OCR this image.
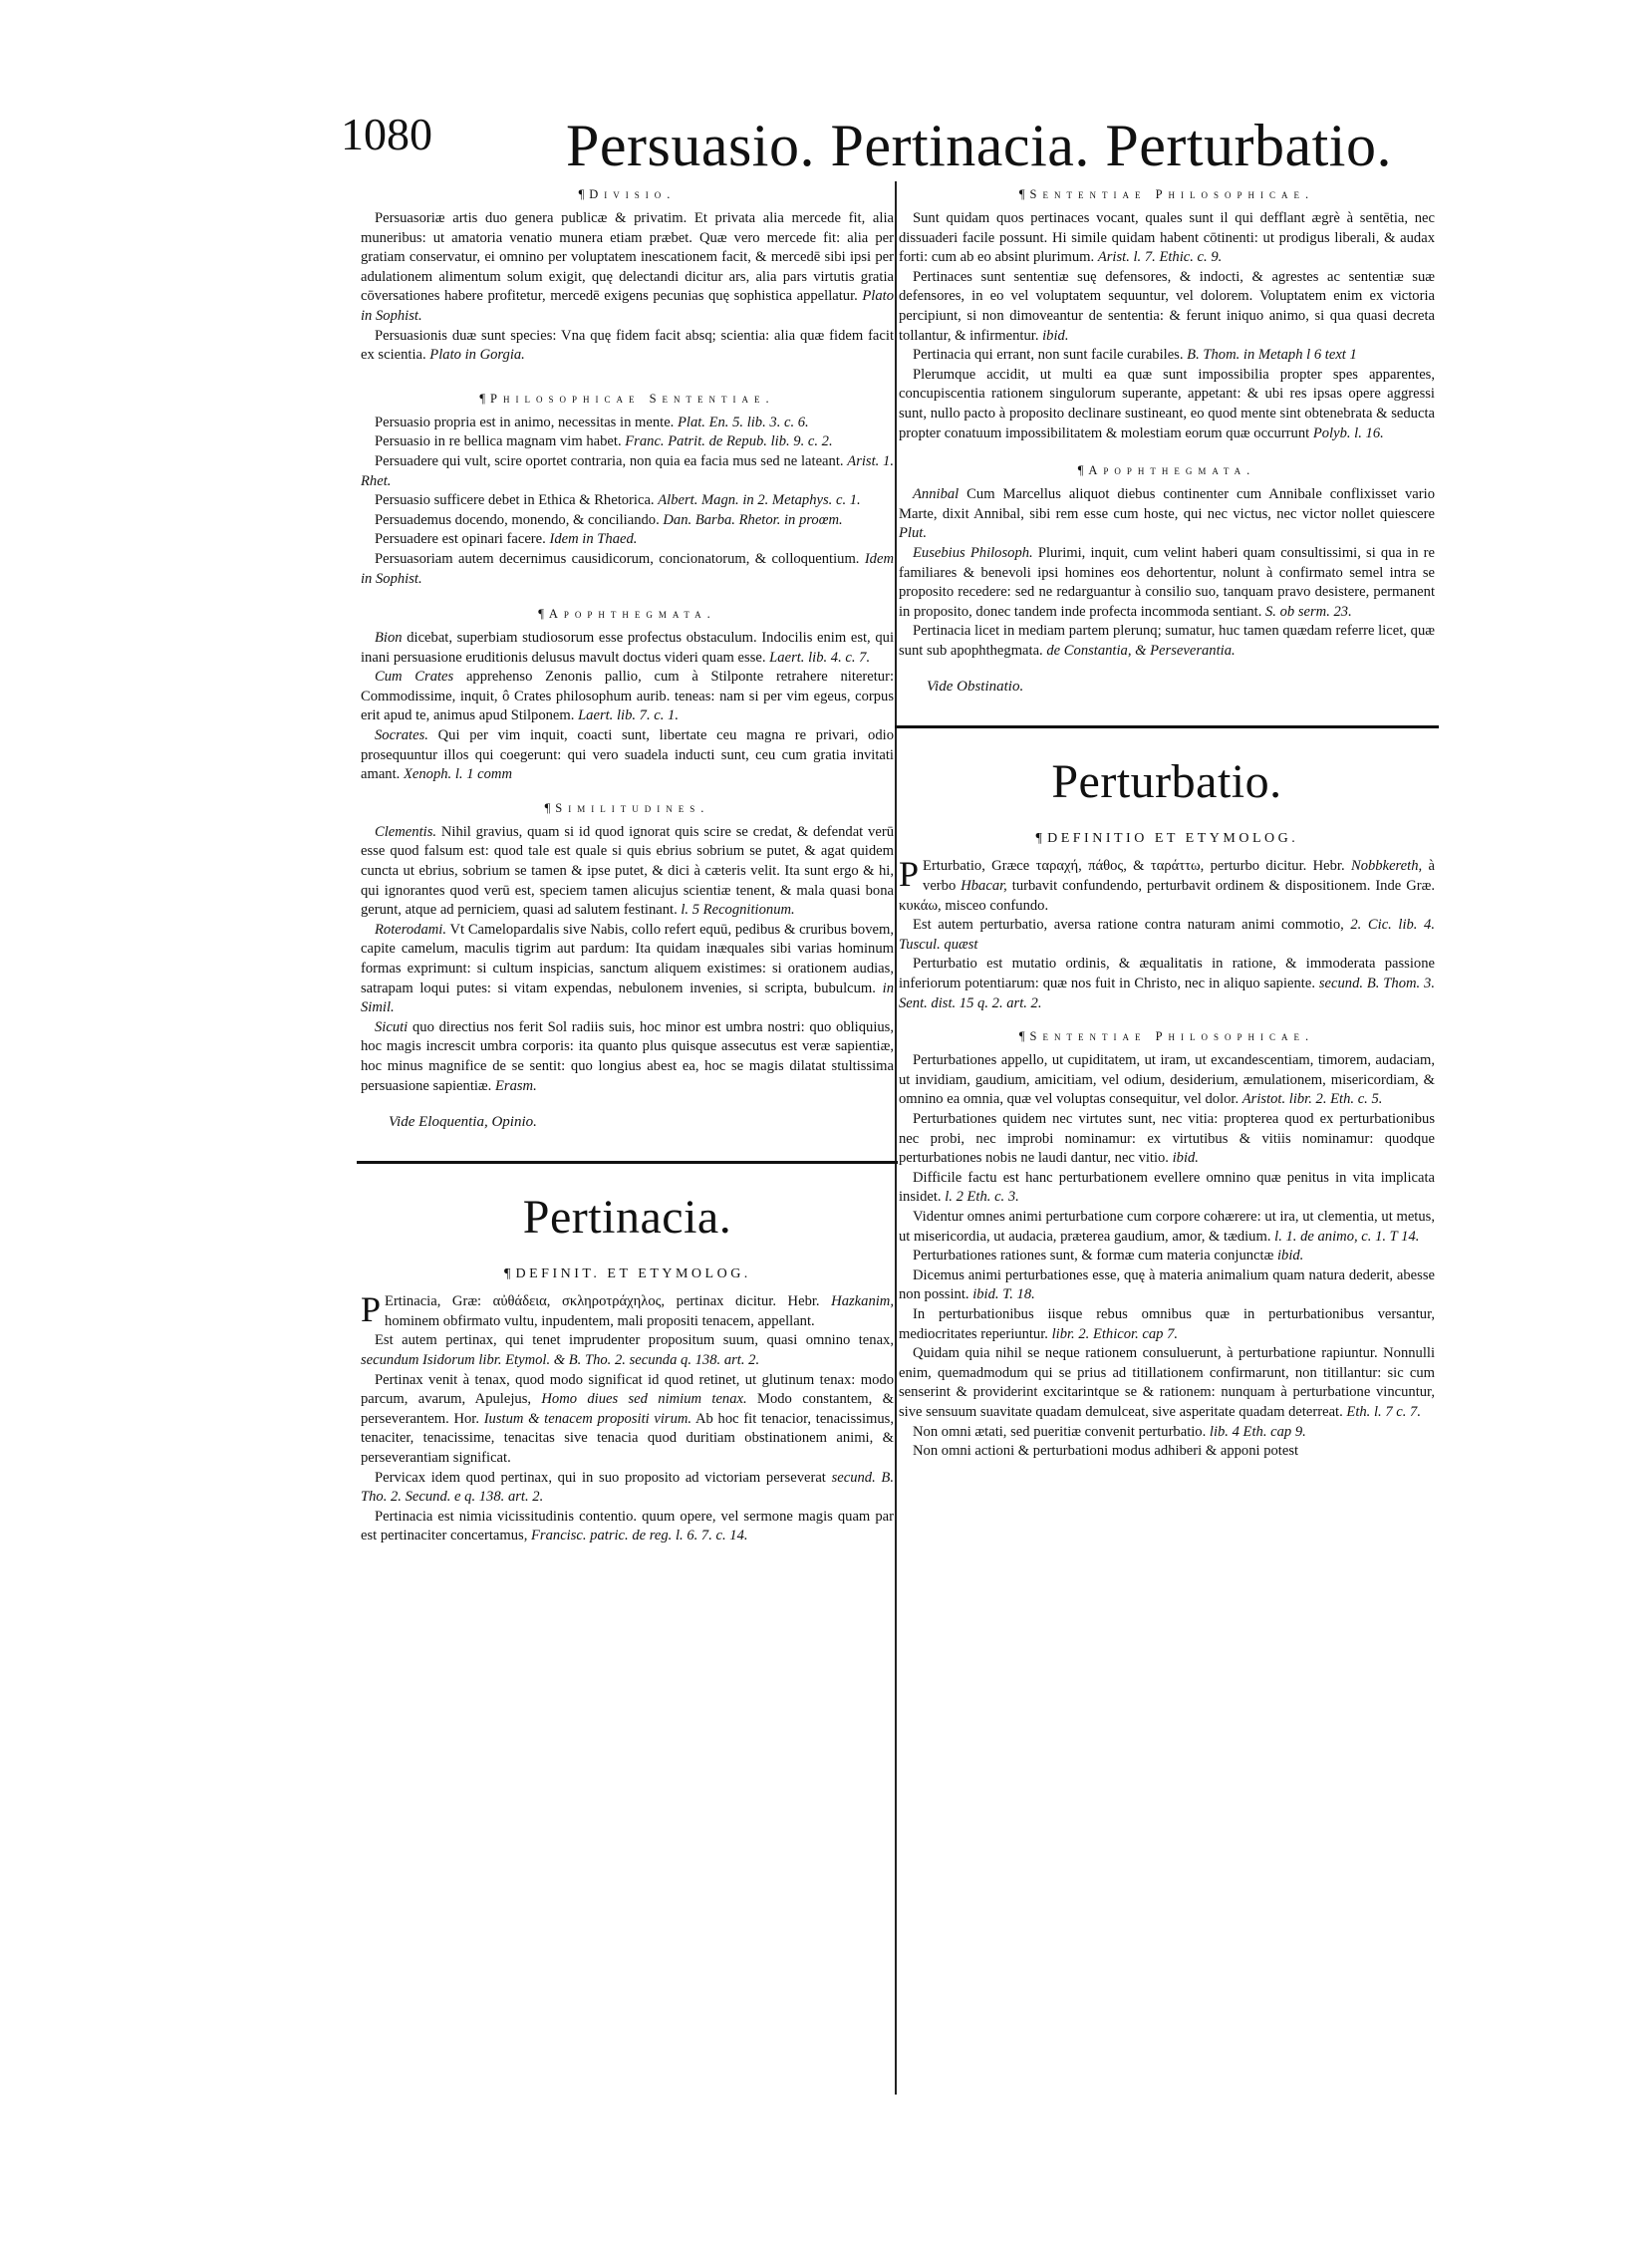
1080 Persuasio. Pertinacia. Perturbatio.
¶ Divisio.

Persuasoriæ artis duo genera publicæ & privatim. Et privata alia mercede fit, alia muneribus: ut amatoria venatio munera etiam præbet. Quæ vero mercede fit: alia per gratiam conservatur, ei omnino per voluptatem inescationem facit, & mercedē sibi ipsi per adulationem alimentum solum exigit, quę delectandi dicitur ars, alia pars virtutis gratia cōversationes habere profitetur, mercedē exigens pecunias quę sophistica appellatur. Plato in Sophist.

Persuasionis duæ sunt species: Vna quę fidem facit absq; scientia: alia quæ fidem facit ex scientia. Plato in Gorgia.

¶ Philosophicae Sententiae.

Persuasio propria est in animo, necessitas in mente. Plat. En. 5. lib. 3. c. 6.

Persuasio in re bellica magnam vim habet. Franc. Patrit. de Repub. lib. 9. c. 2.

Persuadere qui vult, scire oportet contraria, non quia ea facia mus sed ne lateant. Arist. 1. Rhet.

Persuasio sufficere debet in Ethica & Rhetorica. Albert. Magn. in 2. Metaphys. c. 1.

Persuademus docendo, monendo, & conciliando. Dan. Barba. Rhetor. in proœm.

Persuadere est opinari facere. Idem in Thaed.

Persuasoriam autem decernimus causidicorum, concionatorum, & colloquentium. Idem in Sophist.

¶ Apophthegmata.

Bion dicebat, superbiam studiosorum esse profectus obstaculum. Indocilis enim est, qui inani persuasione eruditionis delusus mavult doctus videri quam esse. Laert. lib. 4. c. 7.

Cum Crates apprehenso Zenonis pallio, cum à Stilponte retrahere niteretur: Commodissime, inquit, ô Crates philosophum aurib. teneas: nam si per vim egeus, corpus erit apud te, animus apud Stilponem. Laert. lib. 7. c. 1.

Socrates. Qui per vim inquit, coacti sunt, libertate ceu magna re privari, odio prosequuntur illos qui coegerunt: qui vero suadela inducti sunt, ceu cum gratia invitati amant. Xenoph. l. 1 comm

¶ Similitudines.

Clementis. Nihil gravius, quam si id quod ignorat quis scire se credat, & defendat verū esse quod falsum est: quod tale est quale si quis ebrius sobrium se putet, & agat quidem cuncta ut ebrius, sobrium se tamen & ipse putet, & dici à cæteris velit. Ita sunt ergo & hi, qui ignorantes quod verū est, speciem tamen alicujus scientiæ tenent, & mala quasi bona gerunt, atque ad perniciem, quasi ad salutem festinant. l. 5 Recognitionum.

Roterodami. Vt Camelopardalis sive Nabis, collo refert equū, pedibus & cruribus bovem, capite camelum, maculis tigrim aut pardum: Ita quidam inæquales sibi varias hominum formas exprimunt: si cultum inspicias, sanctum aliquem existimes: si orationem audias, satrapam loqui putes: si vitam expendas, nebulonem invenies, si scripta, bubulcum. in Simil.

Sicuti quo directius nos ferit Sol radiis suis, hoc minor est umbra nostri: quo obliquius, hoc magis increscit umbra corporis: ita quanto plus quisque assecutus est veræ sapientiæ, hoc minus magnifice de se sentit: quo longius abest ea, hoc se magis dilatat stultissima persuasione sapientiæ. Erasm.

Vide Eloquentia, Opinio.
Pertinacia.
¶ DEFINIT. ET ETYMOLOG.

P Ertinacia, Græ: αὐθάδεια, σκληροτράχηλος, pertinax dicitur. Hebr. Hazkanim, hominem obfirmato vultu, inpudentem, mali propositi tenacem, appellant.

Est autem pertinax, qui tenet imprudenter propositum suum, quasi omnino tenax, secundum Isidorum libr. Etymol. & B. Tho. 2. secunda q. 138. art. 2.

Pertinax venit à tenax, quod modo significat id quod retinet, ut glutinum tenax: modo parcum, avarum, Apulejus, Homo diues sed nimium tenax. Modo constantem, & perseverantem. Hor. Iustum & tenacem propositi virum. Ab hoc fit tenacior, tenacissimus, tenaciter, tenacissime, tenacitas sive tenacia quod duritiam obstinationem animi, & perseverantiam significat.

Pervicax idem quod pertinax, qui in suo proposito ad victoriam perseverat secund. B. Tho. 2. Secund. e q. 138. art. 2.

Pertinacia est nimia vicissitudinis contentio. quum opere, vel sermone magis quam par est pertinaciter concertamus, Francisc. patric. de reg. l. 6. 7. c. 14.

¶ Sententiae Philosophicae.

Sunt quidam quos pertinaces vocant, quales sunt il qui defflant ægrè à sentētia, nec dissuaderi facile possunt. Hi simile quidam habent cōtinenti: ut prodigus liberali, & audax forti: cum ab eo absint plurimum. Arist. l. 7. Ethic. c. 9.

Pertinaces sunt sententiæ suę defensores, & indocti, & agrestes ac sententiæ suæ defensores, in eo vel voluptatem sequuntur, vel dolorem. Voluptatem enim ex victoria percipiunt, si non dimoveantur de sententia: & ferunt iniquo animo, si qua quasi decreta tollantur, & infirmentur. ibid.

Pertinacia qui errant, non sunt facile curabiles. B. Thom. in Metaph l 6 text 1

Plerumque accidit, ut multi ea quæ sunt impossibilia propter spes apparentes, concupiscentia rationem singulorum superante, appetant: & ubi res ipsas opere aggressi sunt, nullo pacto à proposito declinare sustineant, eo quod mente sint obtenebrata & seducta propter conatuum impossibilitatem & molestiam eorum quæ occurrunt Polyb. l. 16.

¶ Apophthegmata.

Annibal Cum Marcellus aliquot diebus continenter cum Annibale conflixisset vario Marte, dixit Annibal, sibi rem esse cum hoste, qui nec victus, nec victor nollet quiescere Plut.

Eusebius Philosoph. Plurimi, inquit, cum velint haberi quam consultissimi, si qua in re familiares & benevoli ipsi homines eos dehortentur, nolunt à confirmato semel intra se proposito recedere: sed ne redarguantur à consilio suo, tanquam pravo desistere, permanent in proposito, donec tandem inde profecta incommoda sentiant. S. ob serm. 23.

Pertinacia licet in mediam partem plerunq; sumatur, huc tamen quædam referre licet, quæ sunt sub apophthegmata. de Constantia, & Perseverantia.

Vide Obstinatio.
Perturbatio.
¶ DEFINITIO ET ETYMOLOG.

P Erturbatio, Græce ταραχή, πάθος, & ταράττω, perturbo dicitur. Hebr. Nobbkereth, à verbo Hbacar, turbavit confundendo, perturbavit ordinem & dispositionem. Inde Græ. κυκάω, misceo confundo.

Est autem perturbatio, aversa ratione contra naturam animi commotio, 2. Cic. lib. 4. Tuscul. quæst

Perturbatio est mutatio ordinis, & æqualitatis in ratione, & immoderata passione inferiorum potentiarum: quæ nos fuit in Christo, nec in aliquo sapiente. secund. B. Thom. 3. Sent. dist. 15 q. 2. art. 2.

¶ Sententiae Philosophicae.

Perturbationes appello, ut cupiditatem, ut iram, ut excandescentiam, timorem, audaciam, ut invidiam, gaudium, amicitiam, vel odium, desiderium, æmulationem, misericordiam, & omnino ea omnia, quæ vel voluptas consequitur, vel dolor. Aristot. libr. 2. Eth. c. 5.

Perturbationes quidem nec virtutes sunt, nec vitia: propterea quod ex perturbationibus nec probi, nec improbi nominamur: ex virtutibus & vitiis nominamur: quodque perturbationes nobis ne laudi dantur, nec vitio. ibid.

Difficile factu est hanc perturbationem evellere omnino quæ penitus in vita implicata insidet. l. 2 Eth. c. 3.

Videntur omnes animi perturbatione cum corpore cohærere: ut ira, ut clementia, ut metus, ut misericordia, ut audacia, præterea gaudium, amor, & tædium. l. 1. de animo, c. 1. T 14.

Perturbationes rationes sunt, & formæ cum materia conjunctæ ibid.

Dicemus animi perturbationes esse, quę à materia animalium quam natura dederit, abesse non possint. ibid. T. 18.

In perturbationibus iisque rebus omnibus quæ in perturbationibus versantur, mediocritates reperiuntur. libr. 2. Ethicor. cap 7.

Quidam quia nihil se neque rationem consuluerunt, à perturbatione rapiuntur. Nonnulli enim, quemadmodum qui se prius ad titillationem confirmarunt, non titillantur: sic cum senserint & providerint excitarintque se & rationem: nunquam à perturbatione vincuntur, sive sensuum suavitate quadam demulceat, sive asperitate quadam deterreat. Eth. l. 7 c. 7.

Non omni ætati, sed pueritiæ convenit perturbatio. lib. 4 Eth. cap 9.

Non omni actioni & perturbationi modus adhiberi & apponi potest
